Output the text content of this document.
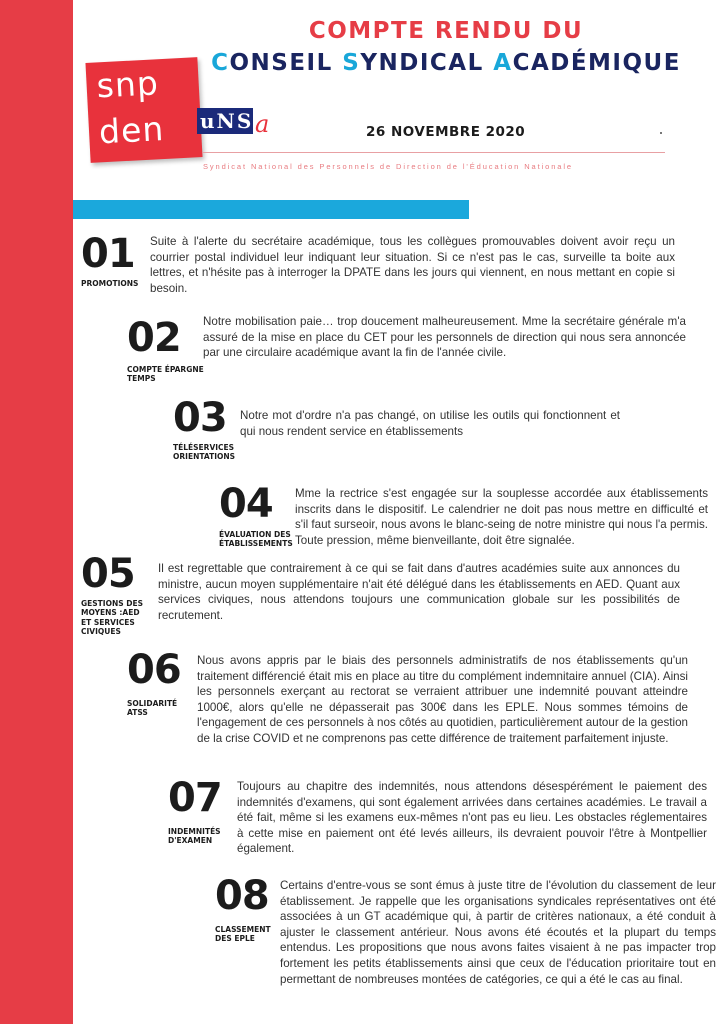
snp
den uNS a
COMPTE RENDU DU
CONSEIL SYNDICAL ACADÉMIQUE
26 NOVEMBRE 2020
Syndicat National des Personnels de Direction de l'Éducation Nationale
01
PROMOTIONS
Suite à l'alerte du secrétaire académique, tous les collègues promouvables doivent avoir reçu un courrier postal individuel leur indiquant leur situation. Si ce n'est pas le cas, surveille ta boite aux lettres, et n'hésite pas à interroger la DPATE dans les jours qui viennent, en nous mettant en copie si besoin.
02
COMPTE ÉPARGNE TEMPS
Notre mobilisation paie… trop doucement malheureusement. Mme la secrétaire générale m'a assuré de la mise en place du CET pour les personnels de direction qui nous sera annoncée par une circulaire académique avant la fin de l'année civile.
03
TÉLÉSERVICES ORIENTATIONS
Notre mot d'ordre n'a pas changé, on utilise les outils qui fonctionnent et qui nous rendent service en établissements
04
ÉVALUATION DES ÉTABLISSEMENTS
Mme la rectrice s'est engagée sur la souplesse accordée aux établissements inscrits dans le dispositif. Le calendrier ne doit pas nous mettre en difficulté et s'il faut surseoir, nous avons le blanc-seing de notre ministre qui nous l'a permis. Toute pression, même bienveillante, doit être signalée.
05
GESTIONS DES MOYENS :AED ET SERVICES CIVIQUES
Il est regrettable que contrairement à ce qui se fait dans d'autres académies suite aux annonces du ministre, aucun moyen supplémentaire n'ait été délégué dans les établissements en AED. Quant aux services civiques, nous attendons toujours une communication globale sur les possibilités de recrutement.
06
SOLIDARITÉ ATSS
Nous avons appris par le biais des personnels administratifs de nos établissements qu'un traitement différencié était mis en place au titre du complément indemnitaire annuel (CIA). Ainsi les personnels exerçant au rectorat se verraient attribuer une indemnité pouvant atteindre 1000€, alors qu'elle ne dépasserait pas 300€ dans les EPLE. Nous sommes témoins de l'engagement de ces personnels à nos côtés au quotidien, particulièrement autour de la gestion de la crise COVID et ne comprenons pas cette différence de traitement parfaitement injuste.
07
INDEMNITÉS D'EXAMEN
Toujours au chapitre des indemnités, nous attendons désespérément le paiement des indemnités d'examens, qui sont également arrivées dans certaines académies. Le travail a été fait, même si les examens eux-mêmes n'ont pas eu lieu. Les obstacles réglementaires à cette mise en paiement ont été levés ailleurs, ils devraient pouvoir l'être à Montpellier également.
08
CLASSEMENT DES EPLE
Certains d'entre-vous se sont émus à juste titre de l'évolution du classement de leur établissement. Je rappelle que les organisations syndicales représentatives ont été associées à un GT académique qui, à partir de critères nationaux, a été conduit à ajuster le classement antérieur. Nous avons été écoutés et la plupart du temps entendus. Les propositions que nous avons faites visaient à ne pas impacter trop fortement les petits établissements ainsi que ceux de l'éducation prioritaire tout en permettant de nombreuses montées de catégories, ce qui a été le cas au final.
